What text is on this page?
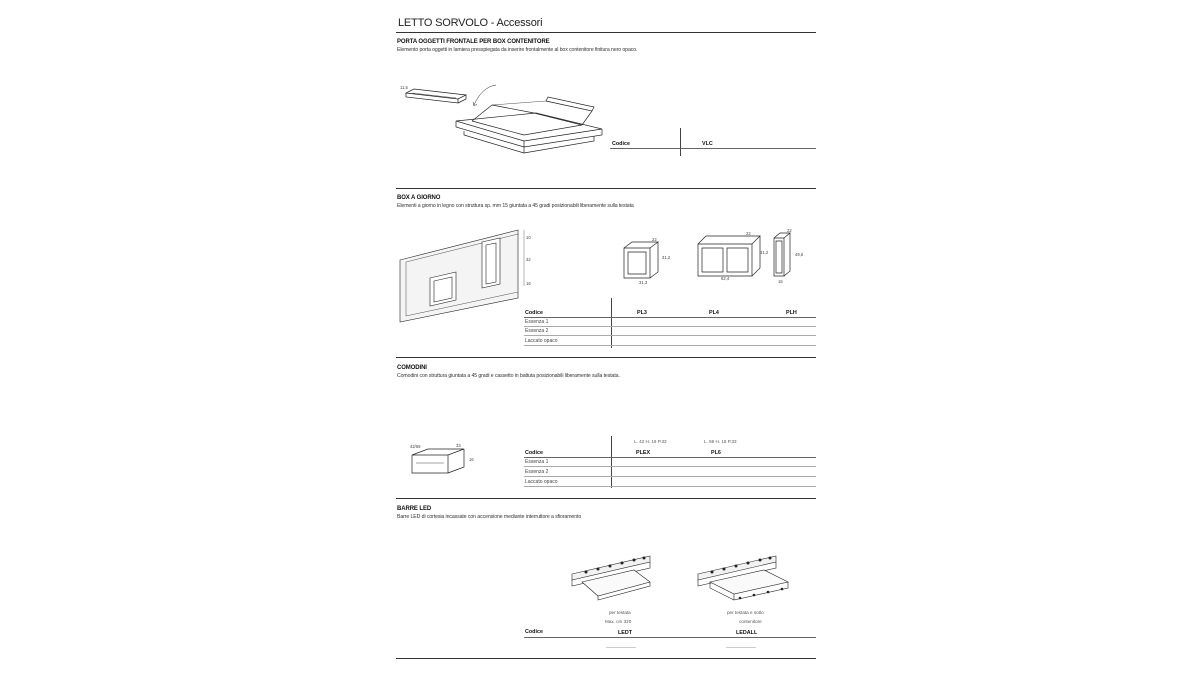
LETTO SORVOLO - Accessori
PORTA OGGETTI FRONTALE PER BOX CONTENITORE
Elemento porta oggetti in lamiera presspiegata da inserire frontalmente al box contenitore finitura nero opaco.
11,5
Codice	VLC
BOX A GIORNO
Elementi a giorno in legno con struttura sp. mm 15 giuntata a 45 gradi posizionabili liberamente sulla testata
10
32
16
22
31,2
31,3
22
31,2
62,4
22
49,6
16
Codice	PL3	PL4	PLH
Essenza 1
Essenza 2
Laccato opaco
COMODINI
Comodini con struttura giuntata a 45 gradi e cassetto in battuta posizionabili liberamente sulla testata.
42/59	33
16
L. 42 H. 16 P.33	L. 59 H. 16 P.33
Codice	PLEX	PL6
Essenza 1
Essenza 2
Laccato opaco
BARRE LED
Barre LED di cortesia incassate con accensione mediante interruttore a sfioramento
per testata
Max. cm 320
per testata e sotto
contenitore
Codice	LEDT	LEDALL
